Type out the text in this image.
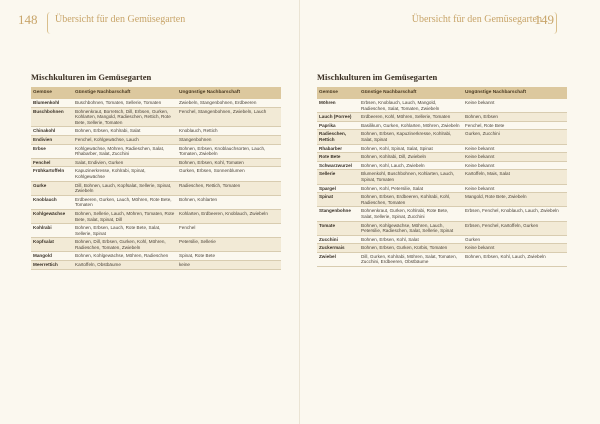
148 Übersicht für den Gemüsegarten
Mischkulturen im Gemüsegarten
Gemüse	Günstige Nachbarschaft	Ungünstige Nachbarschaft
Blumenkohl	Buschbohnen, Tomaten, Sellerie, Tomaten	Zwiebeln, Stangenbohnen, Erdbeeren
Buschbohnen	Bohnenkraut, Borretsch, Dill, Erbsen, Gurken, Kohlarten, Mangold, Radieschen, Rettich, Rote Bete, Sellerie, Tomaten	Fenchel, Stangenbohnen, Zwiebeln, Lauch
Chinakohl	Bohnen, Erbsen, Kohlrabi, Salat	Knoblauch, Rettich
Endivien	Fenchel, Kohlgewächse, Lauch	Stangenbohnen
Erbse	Kohlgewächse, Möhren, Radieschen, Salat, Rhabarber, Salat, Zucchini	Bohnen, Erbsen, Knoblauchsorten, Lauch, Tomaten, Zwiebeln
Fenchel	Salat, Endivien, Gurken	Bohnen, Erbsen, Kohl, Tomaten
Frühkartoffeln	Kapuzinerkresse, Kohlrabi, Spinat, Kohlgewächse	Gurken, Erbsen, Sonnenblumen
Gurke	Dill, Bohnen, Lauch, Kopfsalat, Sellerie, Spinat, Zwiebeln	Radieschen, Rettich, Tomaten
Knoblauch	Erdbeeren, Gurken, Lauch, Möhren, Rote Bete, Tomaten	Bohnen, Kohlarten
Kohlgewächse	Bohnen, Sellerie, Lauch, Möhren, Tomaten, Rote Bete, Salat, Spinat, Dill	Kohlarten, Erdbeeren, Knoblauch, Zwiebeln
Kohlrabi	Bohnen, Erbsen, Lauch, Rote Bete, Salat, Sellerie, Spinat	Fenchel
Kopfsalat	Bohnen, Dill, Erbsen, Gurken, Kohl, Möhren, Radieschen, Tomaten, Zwiebeln	Petersilie, Sellerie
Mangold	Bohnen, Kohlgewächse, Möhren, Radieschen	Spinat, Rote Bete
Meerrettich	Kartoffeln, Obstbäume	keine
Übersicht für den Gemüsegarten
149
Mischkulturen im Gemüsegarten
Gemüse	Günstige Nachbarschaft	Ungünstige Nachbarschaft
Möhren	Erbsen, Knoblauch, Lauch, Mangold, Radieschen, Salat, Tomaten, Zwiebeln	Keine bekannt
Lauch (Porree)	Erdbeeren, Kohl, Möhren, Sellerie, Tomaten	Bohnen, Erbsen
Paprika	Basilikum, Gurken, Kohlarten, Möhren, Zwiebeln	Fenchel, Rote Bete
Radieschen, Rettich	Bohnen, Erbsen, Kapuzinerkresse, Kohlrabi, Salat, Spinat	Gurken, Zucchini
Rhabarber	Bohnen, Kohl, Spinat, Salat, Spinat	Keine bekannt
Rote Bete	Bohnen, Kohlrabi, Dill, Zwiebeln	Keine bekannt
Schwarzwurzel	Bohnen, Kohl, Lauch, Zwiebeln	Keine bekannt
Sellerie	Blumenkohl, Buschbohnen, Kohlarten, Lauch, Spinat, Tomaten	Kartoffeln, Mais, Salat
Spargel	Bohnen, Kohl, Petersilie, Salat	Keine bekannt
Spinat	Bohnen, Erbsen, Erdbeeren, Kohlrabi, Kohl, Radieschen, Tomaten	Mangold, Rote Bete, Zwiebeln
Stangenbohne	Bohnenkraut, Gurken, Kohlrabi, Rote Bete, Salat, Sellerie, Spinat, Zucchini	Erbsen, Fenchel, Knoblauch, Lauch, Zwiebeln
Tomate	Bohnen, Kohlgewächse, Möhren, Lauch, Petersilie, Radieschen, Salat, Sellerie, Spinat	Erbsen, Fenchel, Kartoffeln, Gurken
Zucchini	Bohnen, Erbsen, Kohl, Salat	Gurken
Zuckermais	Bohnen, Erbsen, Gurken, Kürbis, Tomaten	Keine bekannt
Zwiebel	Dill, Gurken, Kohlrabi, Möhren, Salat, Tomaten, Zucchini, Erdbeeren, Obstbäume	Bohnen, Erbsen, Kohl, Lauch, Zwiebeln
